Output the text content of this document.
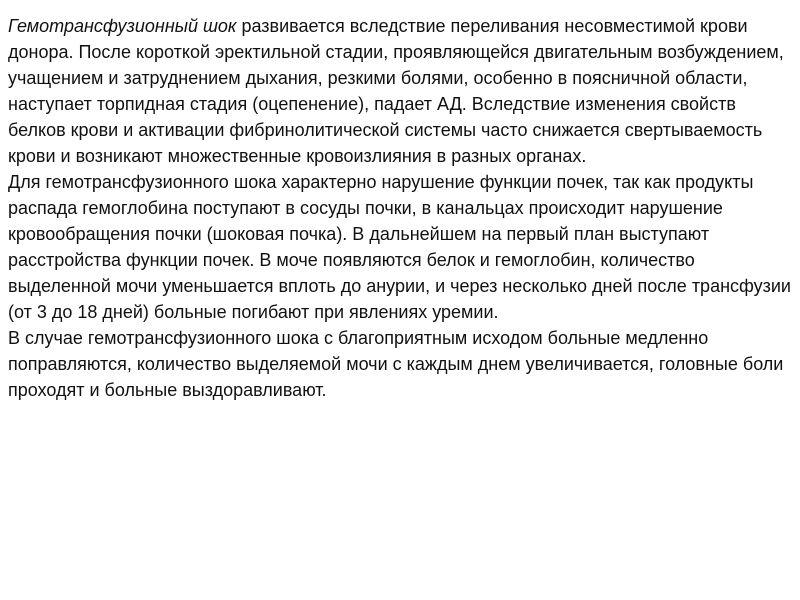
Гемотрансфузионный шок развивается вследствие переливания несовместимой крови донора. После короткой эректильной стадии, проявляющейся двигательным возбуждением, учащением и затруднением дыхания, резкими болями, особенно в поясничной области, наступает торпидная стадия (оцепенение), падает АД. Вследствие изменения свойств белков крови и активации фибринолитической системы часто снижается свертываемость крови и возникают множественные кровоизлияния в разных органах.

Для гемотрансфузионного шока характерно нарушение функции почек, так как продукты распада гемоглобина поступают в сосуды почки, в канальцах происходит нарушение кровообращения почки (шоковая почка). В дальнейшем на первый план выступают расстройства функции почек. В моче появляются белок и гемоглобин, количество выделенной мочи уменьшается вплоть до анурии, и через несколько дней после трансфузии (от 3 до 18 дней) больные погибают при явлениях уремии.

В случае гемотрансфузионного шока с благоприятным исходом больные медленно поправляются, количество выделяемой мочи с каждым днем увеличивается, головные боли проходят и больные выздоравливают.
